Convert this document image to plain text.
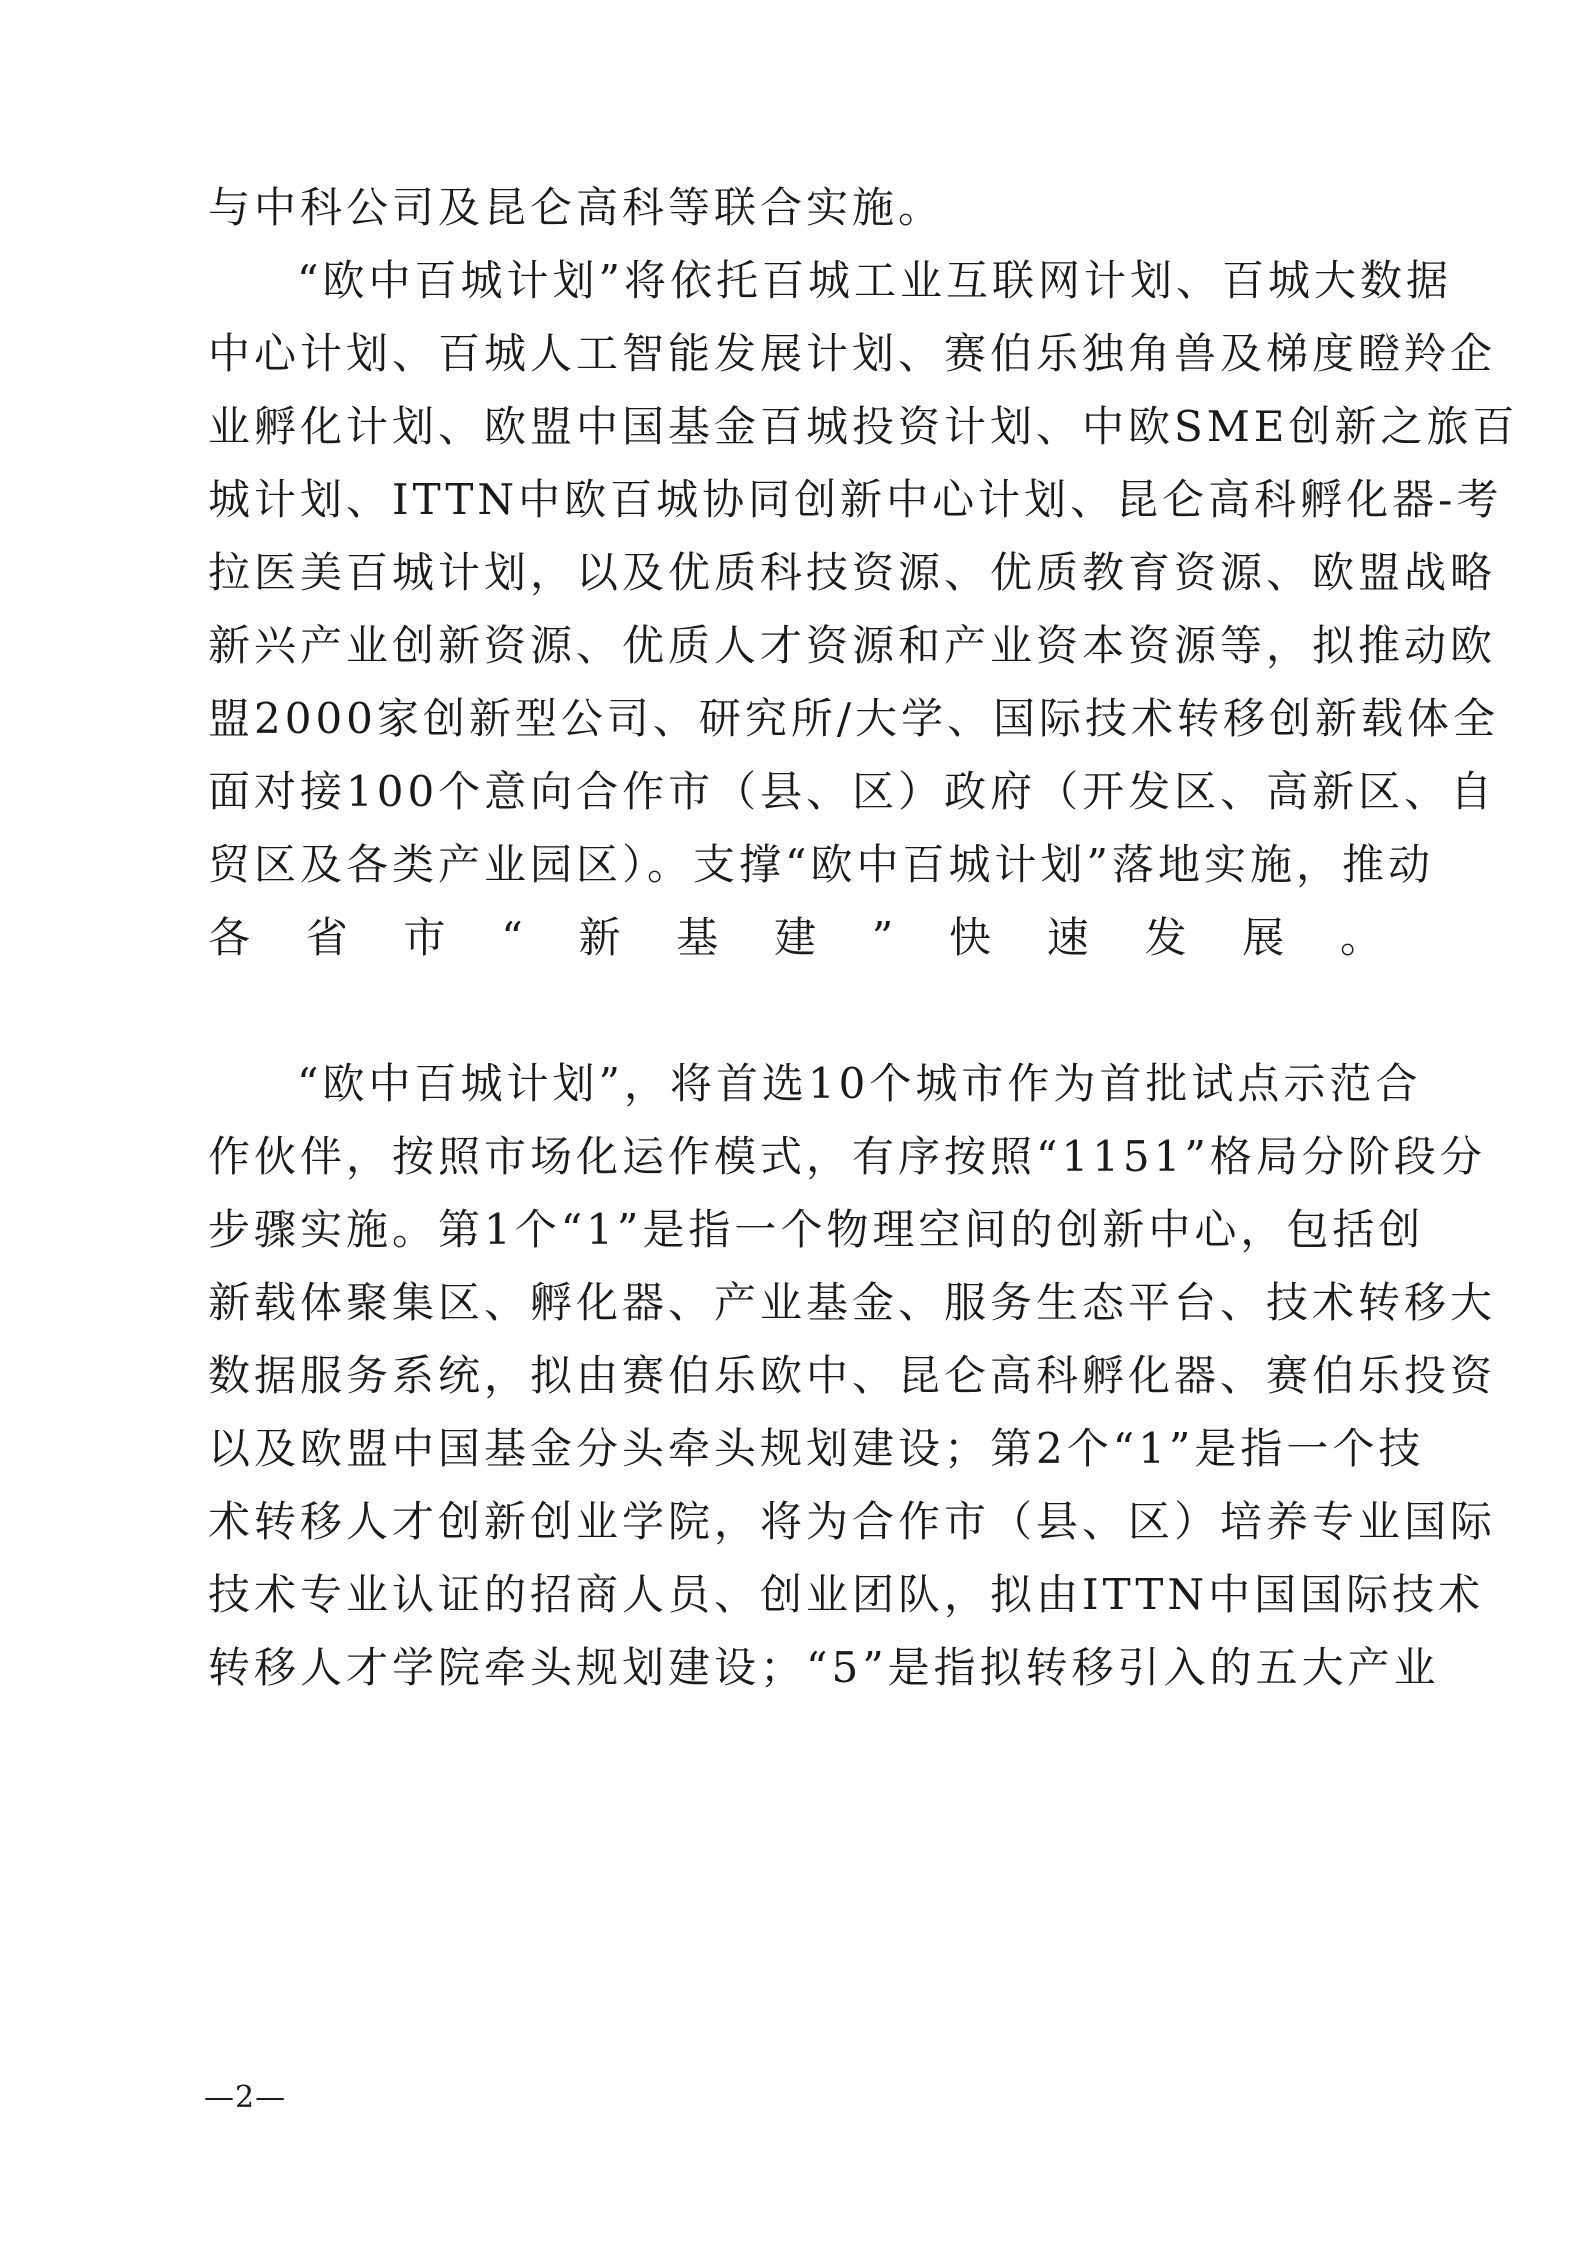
与中科公司及昆仑高科等联合实施。
“欧中百城计划”将依托百城工业互联网计划、百城大数据
中心计划、百城人工智能发展计划、赛伯乐独角兽及梯度瞪羚企
业孵化计划、欧盟中国基金百城投资计划、中欧SME创新之旅百
城计划、ITTN中欧百城协同创新中心计划、昆仑高科孵化器-考
拉医美百城计划，以及优质科技资源、优质教育资源、欧盟战略
新兴产业创新资源、优质人才资源和产业资本资源等，拟推动欧
盟2000家创新型公司、研究所/大学、国际技术转移创新载体全
面对接100个意向合作市（县、区）政府（开发区、高新区、自
贸区及各类产业园区）。支撑“欧中百城计划”落地实施，推动
各省市“新基建”快速发展。
“欧中百城计划”，将首选10个城市作为首批试点示范合
作伙伴，按照市场化运作模式，有序按照“1151”格局分阶段分
步骤实施。第1个“1”是指一个物理空间的创新中心，包括创
新载体聚集区、孵化器、产业基金、服务生态平台、技术转移大
数据服务系统，拟由赛伯乐欧中、昆仑高科孵化器、赛伯乐投资
以及欧盟中国基金分头牵头规划建设；第2个“1”是指一个技
术转移人才创新创业学院，将为合作市（县、区）培养专业国际
技术专业认证的招商人员、创业团队，拟由ITTN中国国际技术
转移人才学院牵头规划建设；“5”是指拟转移引入的五大产业
—2—
